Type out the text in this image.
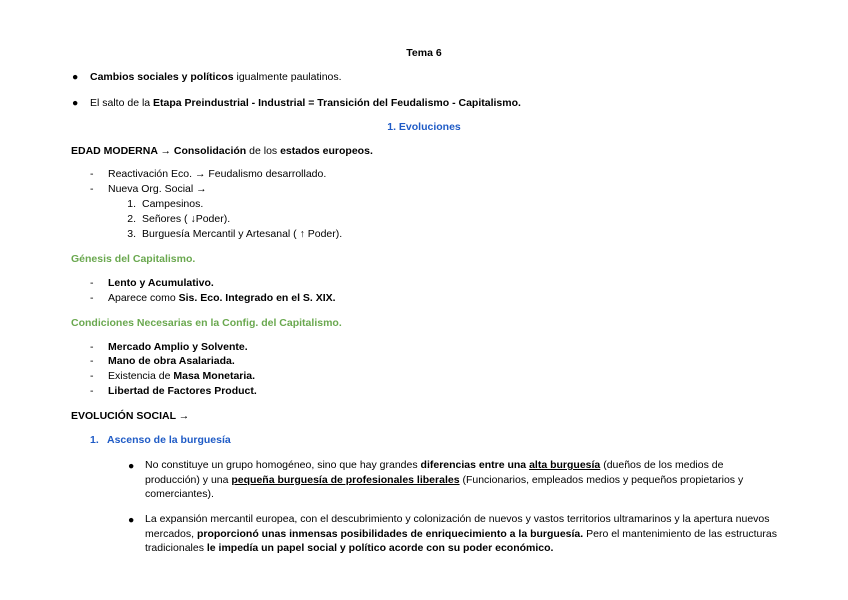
Tema 6
● Cambios sociales y políticos igualmente paulatinos.
● El salto de la Etapa Preindustrial - Industrial = Transición del Feudalismo - Capitalismo.
1. Evoluciones
EDAD MODERNA → Consolidación de los estados europeos.
- Reactivación Eco. → Feudalismo desarrollado.
- Nueva Org. Social →
1. Campesinos.
2. Señores ( ↓Poder).
3. Burguesía Mercantil y Artesanal ( ↑ Poder).
Génesis del Capitalismo.
- Lento y Acumulativo.
- Aparece como Sis. Eco. Integrado en el S. XIX.
Condiciones Necesarias en la Config. del Capitalismo.
- Mercado Amplio y Solvente.
- Mano de obra Asalariada.
- Existencia de Masa Monetaria.
- Libertad de Factores Product.
EVOLUCIÓN SOCIAL →
1. Ascenso de la burguesía
● No constituye un grupo homogéneo, sino que hay grandes diferencias entre una alta burguesía (dueños de los medios de producción) y una pequeña burguesía de profesionales liberales (Funcionarios, empleados medios y pequeños propietarios y comerciantes).
● La expansión mercantil europea, con el descubrimiento y colonización de nuevos y vastos territorios ultramarinos y la apertura nuevos mercados, proporcionó unas inmensas posibilidades de enriquecimiento a la burguesía. Pero el mantenimiento de las estructuras tradicionales le impedía un papel social y político acorde con su poder económico.
